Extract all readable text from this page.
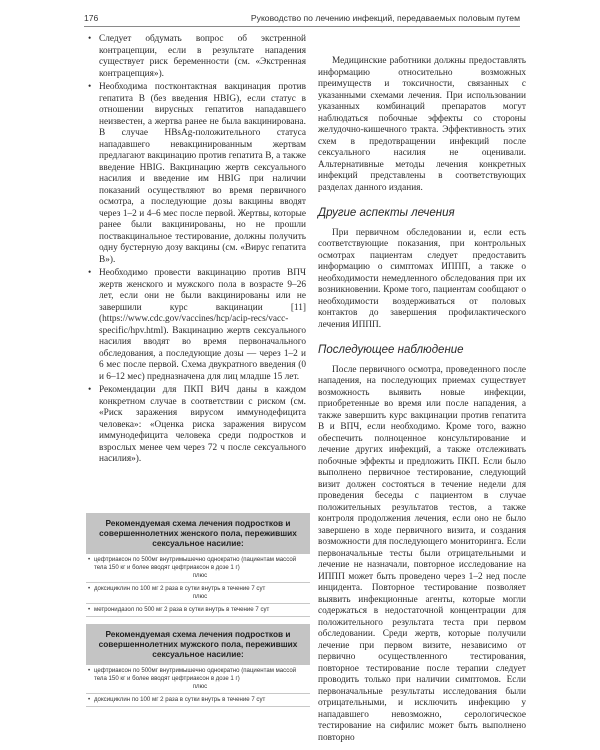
176	Руководство по лечению инфекций, передаваемых половым путем
• Следует обдумать вопрос об экстренной контрацепции, если в результате нападения существует риск беременности (см. «Экстренная контрацепция»).
• Необходима постконтактная вакцинация против гепатита В (без введения HBIG), если статус в отношении вирусных гепатитов нападавшего неизвестен, а жертва ранее не была вакцинирована. В случае HBsAg-положительного статуса нападавшего невакцинированным жертвам предлагают вакцинацию против гепатита В, а также введение HBIG. Вакцинацию жертв сексуального насилия и введение им HBIG при наличии показаний осуществляют во время первичного осмотра, а последующие дозы вакцины вводят через 1–2 и 4–6 мес после первой. Жертвы, которые ранее были вакцинированы, но не прошли поствакцинальное тестирование, должны получить одну бустерную дозу вакцины (см. «Вирус гепатита В»).
• Необходимо провести вакцинацию против ВПЧ жертв женского и мужского пола в возрасте 9–26 лет, если они не были вакцинированы или не завершили курс вакцинации [11] (https://www.cdc.gov/vaccines/hcp/acip-recs/vacc-specific/hpv.html). Вакцинацию жертв сексуального насилия вводят во время первоначального обследования, а последующие дозы — через 1–2 и 6 мес после первой. Схема двукратного введения (0 и 6–12 мес) предназначена для лиц младше 15 лет.
• Рекомендации для ПКП ВИЧ даны в каждом конкретном случае в соответствии с риском (см. «Риск заражения вирусом иммунодефицита человека»: «Оценка риска заражения вирусом иммунодефицита человека среди подростков и взрослых менее чем через 72 ч после сексуального насилия»).
Рекомендуемая схема лечения подростков и совершеннолетних женского пола, переживших сексуальное насилие:
• цефтриаксон по 500мг внутримышечно однократно (пациентам массой тела 150 кг и более вводят цефтриаксон в дозе 1 г)
плюс
• доксициклин по 100 мг 2 раза в сутки внутрь в течение 7 сут
плюс
• метронидазол по 500 мг 2 раза в сутки внутрь в течение 7 сут
Рекомендуемая схема лечения подростков и совершеннолетних мужского пола, переживших сексуальное насилие:
• цефтриаксон по 500мг внутримышечно однократно (пациентам массой тела 150 кг и более вводят цефтриаксон в дозе 1 г)
плюс
• доксициклин по 100 мг 2 раза в сутки внутрь в течение 7 сут

Медицинские работники должны предоставлять информацию относительно возможных преимуществ и токсичности, связанных с указанными схемами лечения. При использовании указанных комбинаций препаратов могут наблюдаться побочные эффекты со стороны желудочно-кишечного тракта. Эффективность этих схем в предотвращении инфекций после сексуального насилия не оценивали. Альтернативные методы лечения конкретных инфекций представлены в соответствующих разделах данного издания.

Другие аспекты лечения

При первичном обследовании и, если есть соответствующие показания, при контрольных осмотрах пациентам следует предоставить информацию о симптомах ИППП, а также о необходимости немедленного обследования при их возникновении. Кроме того, пациентам сообщают о необходимости воздерживаться от половых контактов до завершения профилактического лечения ИППП.

Последующее наблюдение

После первичного осмотра, проведенного после нападения, на последующих приемах существует возможность выявить новые инфекции, приобретенные во время или после нападения, а также завершить курс вакцинации против гепатита В и ВПЧ, если необходимо. Кроме того, важно обеспечить полноценное консультирование и лечение других инфекций, а также отслеживать побочные эффекты и предложить ПКП. Если было выполнено первичное тестирование, следующий визит должен состояться в течение недели для проведения беседы с пациентом в случае положительных результатов тестов, а также контроля продолжения лечения, если оно не было завершено в ходе первичного визита, и создания возможности для последующего мониторинга. Если первоначальные тесты были отрицательными и лечение не назначали, повторное исследование на ИППП может быть проведено через 1–2 нед после инцидента. Повторное тестирование позволяет выявить инфекционные агенты, которые могли содержаться в недостаточной концентрации для положительного результата теста при первом обследовании. Среди жертв, которые получили лечение при первом визите, независимо от первично осуществленного тестирования, повторное тестирование после терапии следует проводить только при наличии симптомов. Если первоначальные результаты исследования были отрицательными, и исключить инфекцию у нападавшего невозможно, серологическое тестирование на сифилис может быть выполнено повторно
